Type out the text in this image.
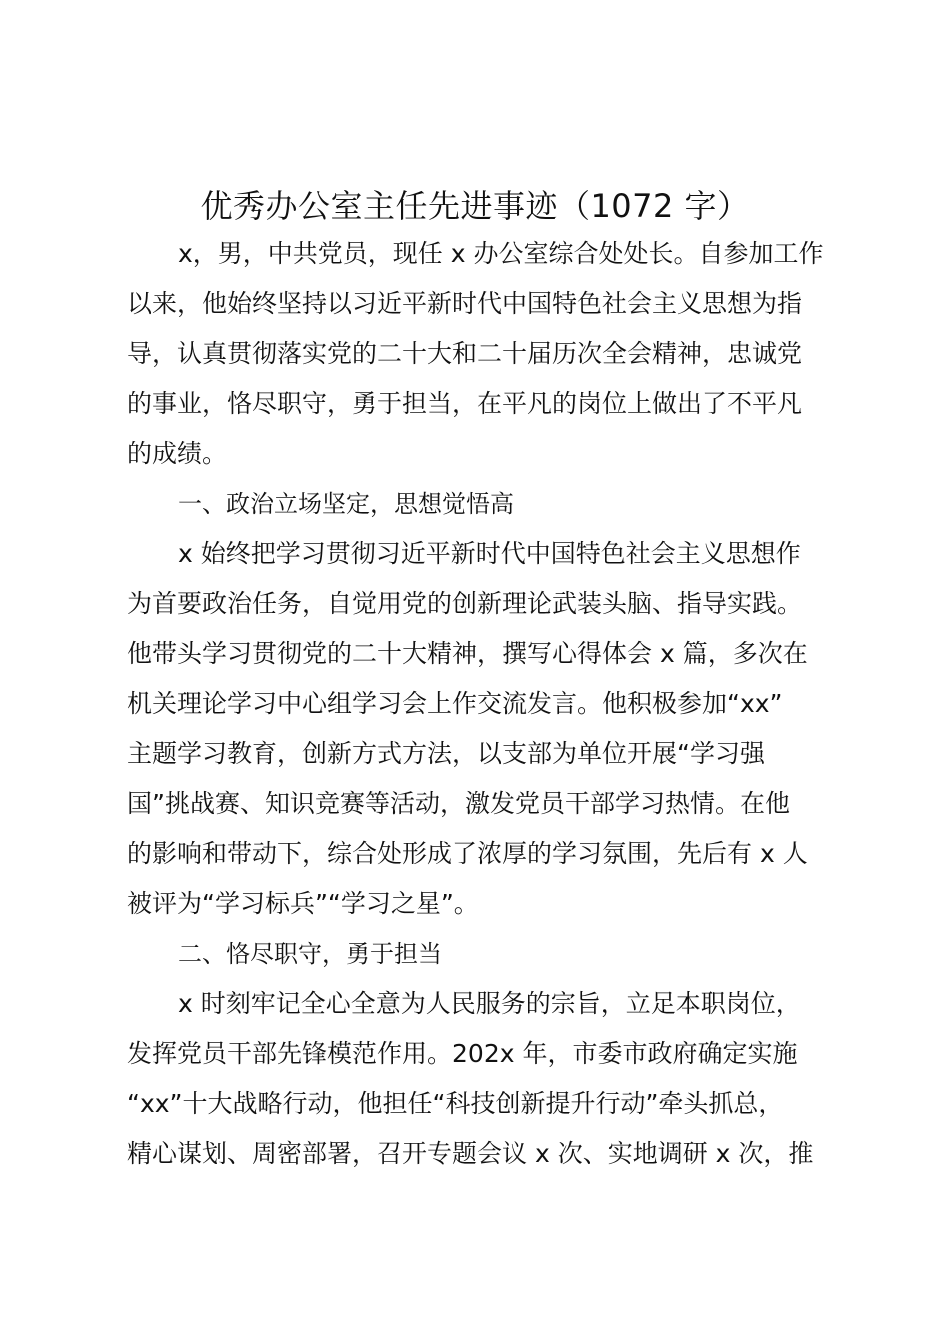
优秀办公室主任先进事迹（1072 字）
x，男，中共党员，现任 x 办公室综合处处长。自参加工作
以来，他始终坚持以习近平新时代中国特色社会主义思想为指
导，认真贯彻落实党的二十大和二十届历次全会精神，忠诚党
的事业，恪尽职守，勇于担当，在平凡的岗位上做出了不平凡
的成绩。
一、政治立场坚定，思想觉悟高
x 始终把学习贯彻习近平新时代中国特色社会主义思想作
为首要政治任务，自觉用党的创新理论武装头脑、指导实践。
他带头学习贯彻党的二十大精神，撰写心得体会 x 篇，多次在
机关理论学习中心组学习会上作交流发言。他积极参加“xx”
主题学习教育，创新方式方法，以支部为单位开展“学习强
国”挑战赛、知识竞赛等活动，激发党员干部学习热情。在他
的影响和带动下，综合处形成了浓厚的学习氛围，先后有 x 人
被评为“学习标兵”“学习之星”。
二、恪尽职守，勇于担当
x 时刻牢记全心全意为人民服务的宗旨，立足本职岗位，
发挥党员干部先锋模范作用。202x 年，市委市政府确定实施
“xx”十大战略行动，他担任“科技创新提升行动”牵头抓总，
精心谋划、周密部署，召开专题会议 x 次、实地调研 x 次，推
